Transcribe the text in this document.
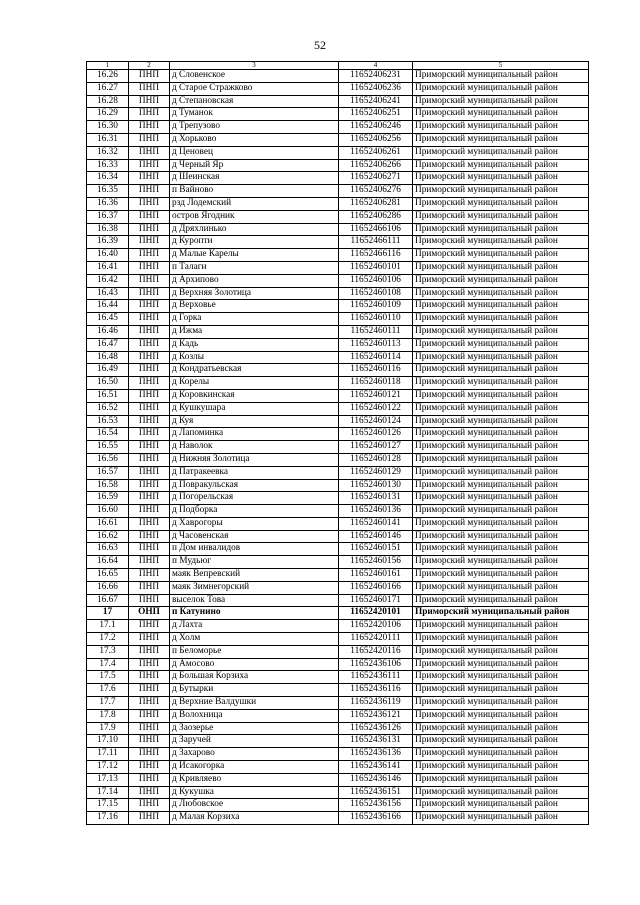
52
1	2	3	4	5
16.26	ПНП	д Словенское	11652406231	Приморский муниципальный район
16.27	ПНП	д Старое Стражково	11652406236	Приморский муниципальный район
16.28	ПНП	д Степановская	11652406241	Приморский муниципальный район
16.29	ПНП	д Туманок	11652406251	Приморский муниципальный район
16.30	ПНП	д Трепузово	11652406246	Приморский муниципальный район
16.31	ПНП	д Хорьково	11652406256	Приморский муниципальный район
16.32	ПНП	д Ценовец	11652406261	Приморский муниципальный район
16.33	ПНП	д Черный Яр	11652406266	Приморский муниципальный район
16.34	ПНП	д Шеинская	11652406271	Приморский муниципальный район
16.35	ПНП	п Вайново	11652406276	Приморский муниципальный район
16.36	ПНП	рзд Лодемский	11652406281	Приморский муниципальный район
16.37	ПНП	остров Ягодник	11652406286	Приморский муниципальный район
16.38	ПНП	д Дряхлинько	11652466106	Приморский муниципальный район
16.39	ПНП	д Куропти	11652466111	Приморский муниципальный район
16.40	ПНП	д Малые Карелы	11652466116	Приморский муниципальный район
16.41	ПНП	п Талаги	11652460101	Приморский муниципальный район
16.42	ПНП	д Архипово	11652460106	Приморский муниципальный район
16.43	ПНП	д Верхняя Золотица	11652460108	Приморский муниципальный район
16.44	ПНП	д Верховье	11652460109	Приморский муниципальный район
16.45	ПНП	д Горка	11652460110	Приморский муниципальный район
16.46	ПНП	д Ижма	11652460111	Приморский муниципальный район
16.47	ПНП	д Кадь	11652460113	Приморский муниципальный район
16.48	ПНП	д Козлы	11652460114	Приморский муниципальный район
16.49	ПНП	д Кондратьевская	11652460116	Приморский муниципальный район
16.50	ПНП	д Корелы	11652460118	Приморский муниципальный район
16.51	ПНП	д Коровкинская	11652460121	Приморский муниципальный район
16.52	ПНП	д Кушкушара	11652460122	Приморский муниципальный район
16.53	ПНП	д Куя	11652460124	Приморский муниципальный район
16.54	ПНП	д Лапоминка	11652460126	Приморский муниципальный район
16.55	ПНП	д Наволок	11652460127	Приморский муниципальный район
16.56	ПНП	д Нижняя Золотица	11652460128	Приморский муниципальный район
16.57	ПНП	д Патракеевка	11652460129	Приморский муниципальный район
16.58	ПНП	д Повракульская	11652460130	Приморский муниципальный район
16.59	ПНП	д Погорельская	11652460131	Приморский муниципальный район
16.60	ПНП	д Подборка	11652460136	Приморский муниципальный район
16.61	ПНП	д Хаврогоры	11652460141	Приморский муниципальный район
16.62	ПНП	д Часовенская	11652460146	Приморский муниципальный район
16.63	ПНП	п Дом инвалидов	11652460151	Приморский муниципальный район
16.64	ПНП	п Мудьюг	11652460156	Приморский муниципальный район
16.65	ПНП	маяк Вепревский	11652460161	Приморский муниципальный район
16.66	ПНП	маяк Зимнегорский	11652460166	Приморский муниципальный район
16.67	ПНП	выселок Това	11652460171	Приморский муниципальный район
17	ОНП	п Катунино	11652420101	Приморский муниципальный район
17.1	ПНП	д Лахта	11652420106	Приморский муниципальный район
17.2	ПНП	д Холм	11652420111	Приморский муниципальный район
17.3	ПНП	п Беломорье	11652420116	Приморский муниципальный район
17.4	ПНП	д Амосово	11652436106	Приморский муниципальный район
17.5	ПНП	д Большая Корзиха	11652436111	Приморский муниципальный район
17.6	ПНП	д Бутырки	11652436116	Приморский муниципальный район
17.7	ПНП	д Верхние Валдушки	11652436119	Приморский муниципальный район
17.8	ПНП	д Волохница	11652436121	Приморский муниципальный район
17.9	ПНП	д Заозерье	11652436126	Приморский муниципальный район
17.10	ПНП	д Заручей	11652436131	Приморский муниципальный район
17.11	ПНП	д Захарово	11652436136	Приморский муниципальный район
17.12	ПНП	д Исакогорка	11652436141	Приморский муниципальный район
17.13	ПНП	д Кривляево	11652436146	Приморский муниципальный район
17.14	ПНП	д Кукушка	11652436151	Приморский муниципальный район
17.15	ПНП	д Любовское	11652436156	Приморский муниципальный район
17.16	ПНП	д Малая Корзиха	11652436166	Приморский муниципальный район
